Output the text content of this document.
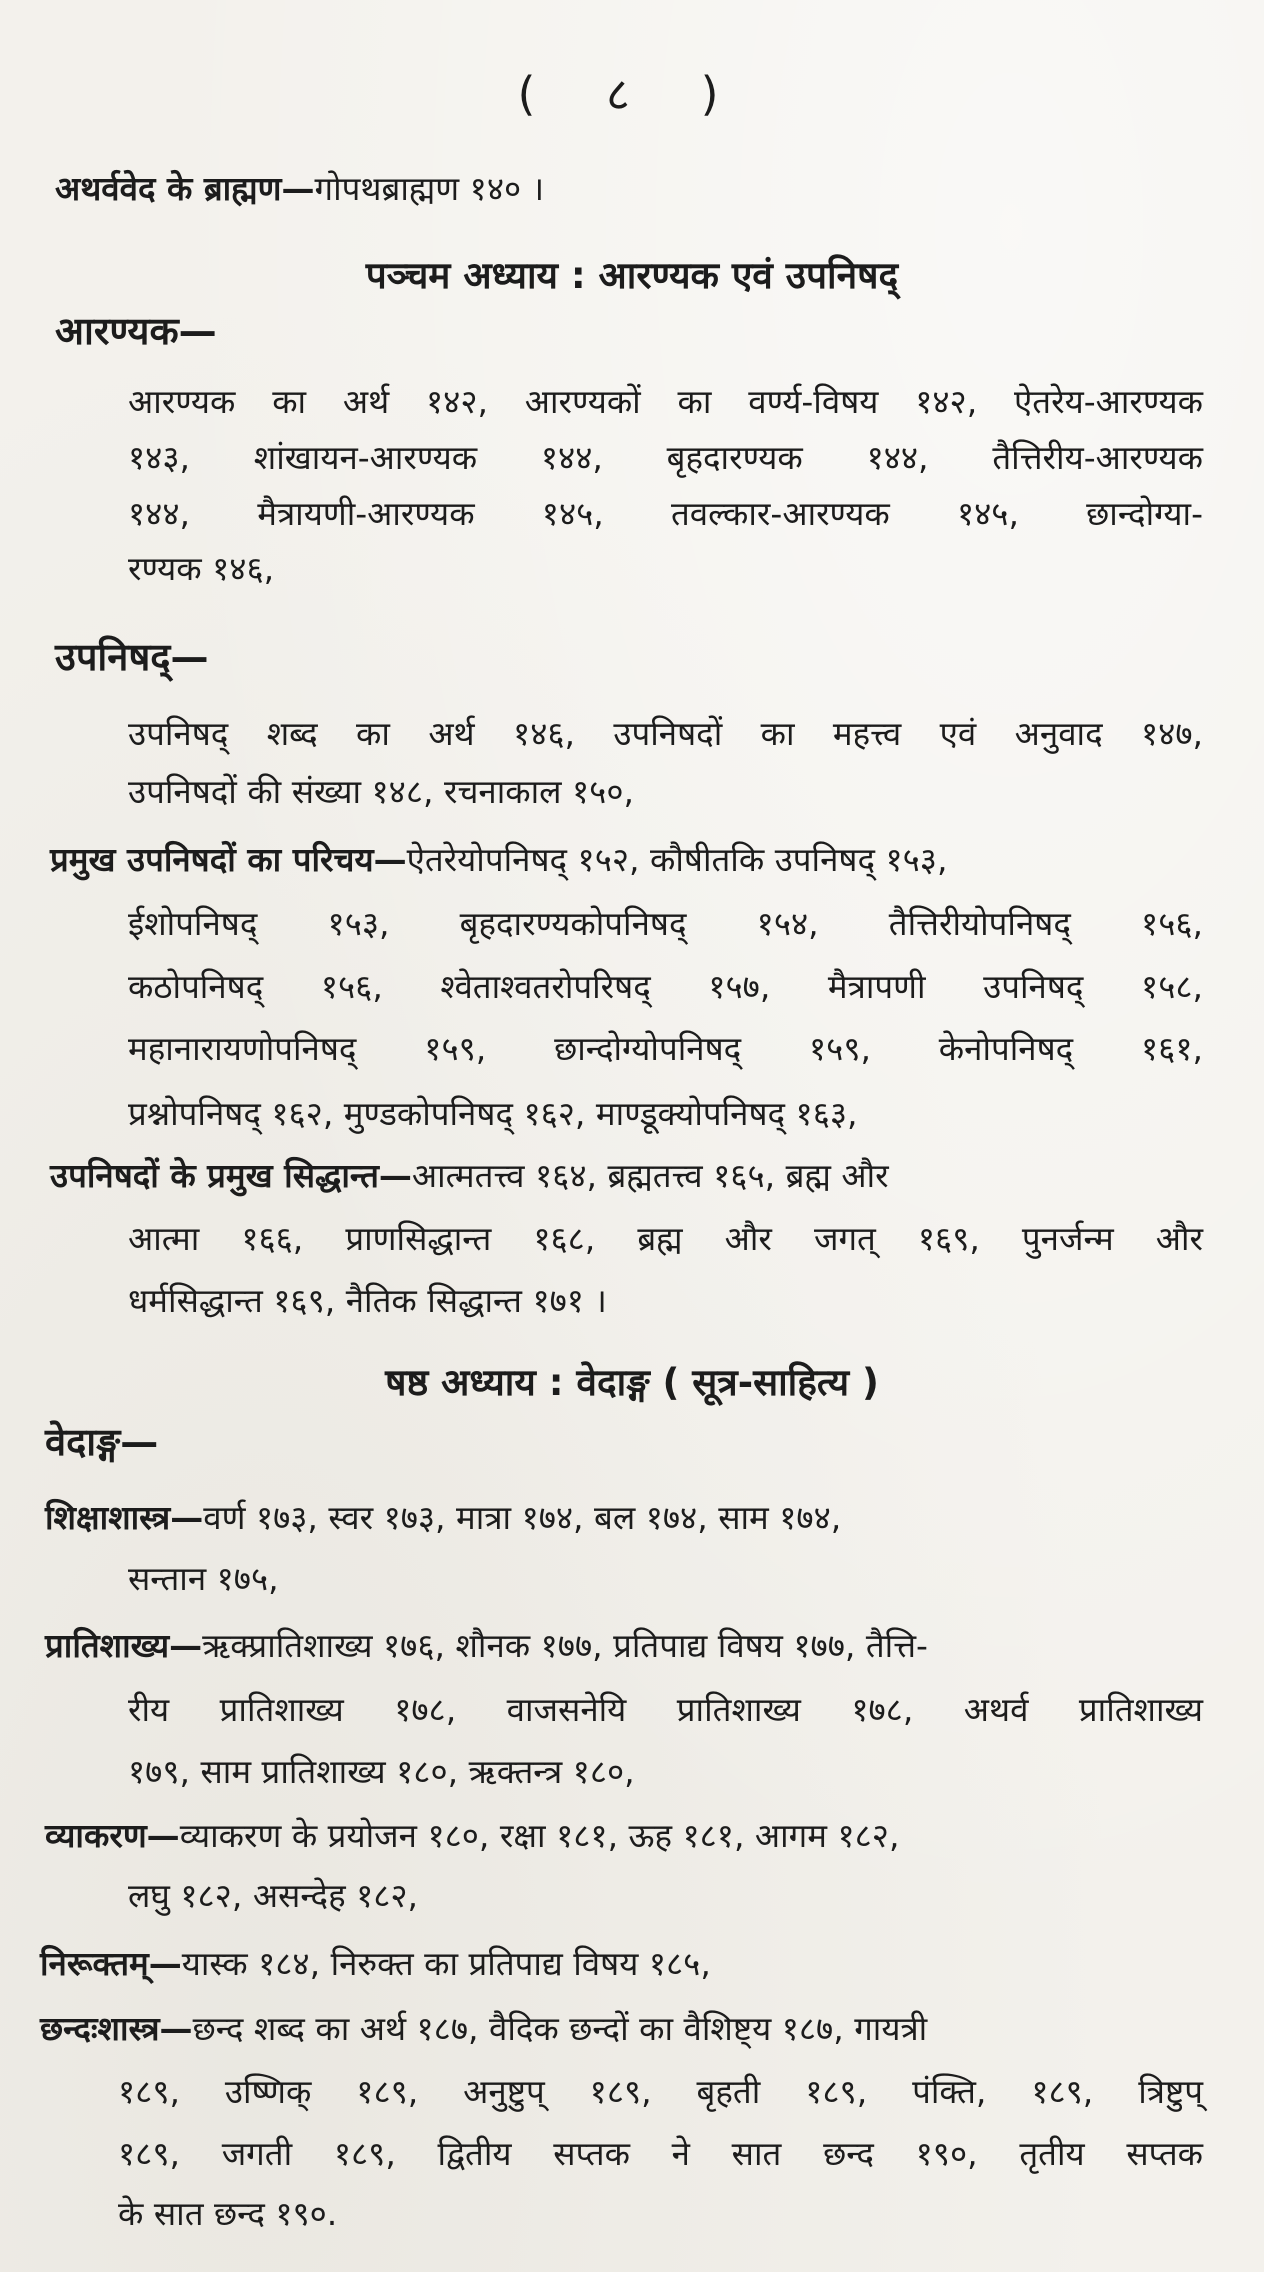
( ८ )
अथर्ववेद के ब्राह्मण—गोपथब्राह्मण १४० ।
पञ्चम अध्याय : आरण्यक एवं उपनिषद्
आरण्यक—
आरण्यक का अर्थ १४२, आरण्यकों का वर्ण्य-विषय १४२, ऐतरेय-आरण्यक
१४३, शांखायन-आरण्यक १४४, बृहदारण्यक १४४, तैत्तिरीय-आरण्यक
१४४, मैत्रायणी-आरण्यक १४५, तवल्कार-आरण्यक १४५, छान्दोग्या-
रण्यक १४६,
उपनिषद्—
उपनिषद् शब्द का अर्थ १४६, उपनिषदों का महत्त्व एवं अनुवाद १४७,
उपनिषदों की संख्या १४८, रचनाकाल १५०,
प्रमुख उपनिषदों का परिचय—ऐतरेयोपनिषद् १५२, कौषीतकि उपनिषद् १५३,
ईशोपनिषद् १५३, बृहदारण्यकोपनिषद् १५४, तैत्तिरीयोपनिषद् १५६,
कठोपनिषद् १५६, श्वेताश्वतरोपरिषद् १५७, मैत्रापणी उपनिषद् १५८,
महानारायणोपनिषद् १५९, छान्दोग्योपनिषद् १५९, केनोपनिषद् १६१,
प्रश्नोपनिषद् १६२, मुण्डकोपनिषद् १६२, माण्डूक्योपनिषद् १६३,
उपनिषदों के प्रमुख सिद्धान्त—आत्मतत्त्व १६४, ब्रह्मतत्त्व १६५, ब्रह्म और
आत्मा १६६, प्राणसिद्धान्त १६८, ब्रह्म और जगत् १६९, पुनर्जन्म और
धर्मसिद्धान्त १६९, नैतिक सिद्धान्त १७१ ।
षष्ठ अध्याय : वेदाङ्ग ( सूत्र-साहित्य )
वेदाङ्ग—
शिक्षाशास्त्र—वर्ण १७३, स्वर १७३, मात्रा १७४, बल १७४, साम १७४,
सन्तान १७५,
प्रातिशाख्य—ऋक्प्रातिशाख्य १७६, शौनक १७७, प्रतिपाद्य विषय १७७, तैत्ति-
रीय प्रातिशाख्य १७८, वाजसनेयि प्रातिशाख्य १७८, अथर्व प्रातिशाख्य
१७९, साम प्रातिशाख्य १८०, ऋक्तन्त्र १८०,
व्याकरण—व्याकरण के प्रयोजन १८०, रक्षा १८१, ऊह १८१, आगम १८२,
लघु १८२, असन्देह १८२,
निरूक्तम्—यास्क १८४, निरुक्त का प्रतिपाद्य विषय १८५,
छन्दःशास्त्र—छन्द शब्द का अर्थ १८७, वैदिक छन्दों का वैशिष्ट्य १८७, गायत्री
१८९, उष्णिक् १८९, अनुष्टुप् १८९, बृहती १८९, पंक्ति, १८९, त्रिष्टुप्
१८९, जगती १८९, द्वितीय सप्तक ने सात छन्द १९०, तृतीय सप्तक
के सात छन्द १९०.
